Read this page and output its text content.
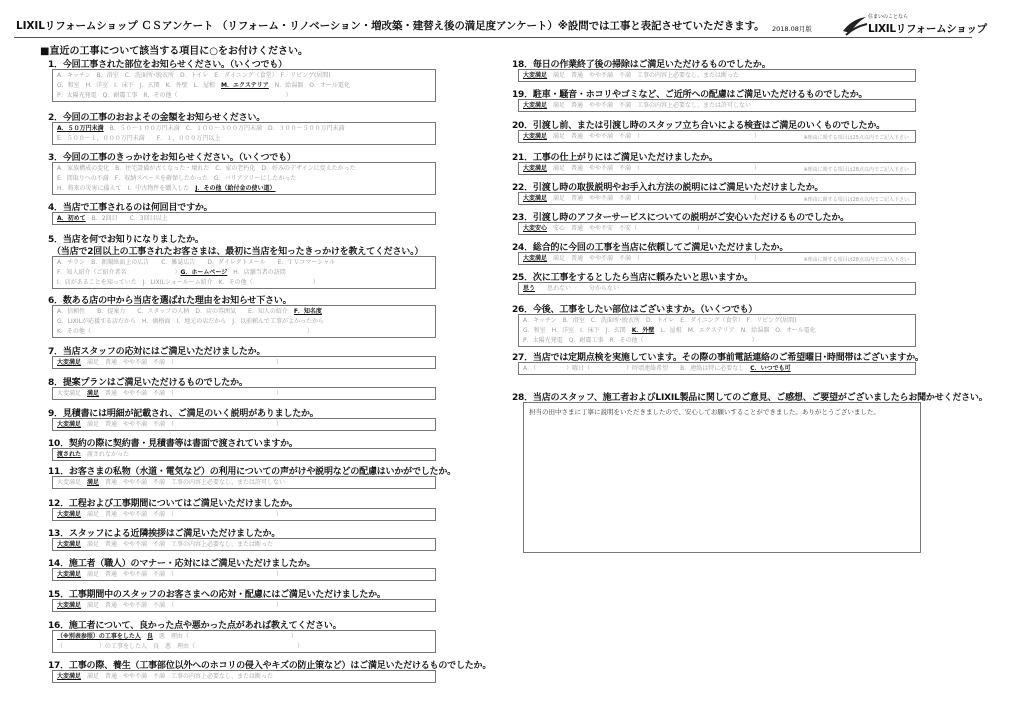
LIXILリフォームショップ ＣＳアンケート （リフォーム・リノベーション・増改築・建替え後の満足度アンケート）※設問では工事と表記させていただきます。 2018.08月版
住まいのことなら
LIXILリフォームショップ
■直近の工事について該当する項目に○をお付けください。
1．今回工事された部位をお知らせください。（いくつでも）
A．キッチン　B．浴室　C．洗面所･脱衣所　D．トイレ　E．ダイニング（食堂）　F．リビング(居間)
G．和室　H．洋室　I．床下　J．玄関　K．外壁　L．屋根　M．エクステリア　N．給湯器　O．オール電化
P．太陽光発電　Q．耐震工事　R．その他（　　　　　　　　　　　　　　　　　　）
2．今回の工事のおおよその金額をお知らせください。
A．５０万円未満　B．５０～１００万円未満　C．１００～３００万円未満　D．３００～５００万円未満
E．５００～１，０００万円未満　　F．１，０００万円以上
3．今回の工事のきっかけをお知らせください。（いくつでも）
A．家族構成の変化　B．住宅設備が古くなった・壊れた　C．家の老朽化　D．好みのデザインに変えたかった
E．間取りへの不満　F．収納スペースを確保したかった　G．バリアフリーにしたかった
H．将来の災害に備えて　I．中古物件を購入した　J．その他（給付金の使い道）
4．当店で工事されるのは何回目ですか。
A．初めて　B．2回目　　C．3回目以上
5．当店を何でお知りになりましたか。
（当店で2回以上の工事されたお客さまは、最初に当店を知ったきっかけを教えてください。）
A．チラシ　B．新聞紙面上の広告　　C．雑誌広告　　D．ダイレクトメール　　E．ＴＶコマーシャル
F．知人紹介（ご紹介者名　　　　　　　　）G．ホームページ　H．店舗当者の訪問
I．店があることを知っていた　J．LIXILショールーム紹介　K．その他（　　　　　　　　　　）
6．数ある店の中から当店を選ばれた理由をお知らせ下さい。
A．信頼性　　B．提案力　　C．スタッフの人柄　D．店の雰囲気　　E．知人の紹介　F．知名度
G．LIXILが応援する店だから　H．価格面　I．地元の店だから　J．以前頼んで工事がよかったから
K．その他（　　　　　　　　　　　　　　　　　　　　　　　　　　　　　　　　　　　　）
7．当店スタッフの応対にはご満足いただけましたか。
大変満足　満足　普通　やや不満　不満　（　　　　　　　　　　　　　　　　　）
8．提案プランはご満足いただけるものでしたか。
大変満足　満足　普通　やや不満　不満　（　　　　　　　　　　　　　　　　　）
9．見積書には明細が記載され、ご満足のいく説明がありましたか。
大変満足　満足　普通　やや不満　不満　（　　　　　　　　　　　　　　　　　）
10．契約の際に契約書・見積書等は書面で渡されていますか。
渡された　渡されなかった
11．お客さまの私物（水道・電気など）の利用についての声がけや説明などの配慮はいかがでしたか。
大変満足　満足　普通　やや不満　不満　工事の内容上必要なし、または許可しない
12．工程および工事期間についてはご満足いただけましたか。
大変満足　満足　普通　やや不満　不満　（　　　　　　　　　　　　　　　　　）
13．スタッフによる近隣挨拶はご満足いただけましたか。
大変満足　満足　普通　やや不満　不満　工事の内容上必要なし、または断った
14．施工者（職人）のマナー・応対にはご満足いただけましたか。
大変満足　満足　普通　やや不満　不満　（　　　　　　　　　　　　　　　　　）
15．工事期間中のスタッフのお客さまへの応対・配慮にはご満足いただけましたか。
大変満足　満足　普通　やや不満　不満　（　　　　　　　　　　　　　　　　　）
16．施工者について、良かった点や悪かった点があれば教えてください。
（※別表参照）の工事をした人　 良　悪　理由（　　　　　　　　　　　　　　　　　）
（　　　　　　）の工事をした人　良　悪　理由（　　　　　　　　　　　　　　　　　）
17．工事の際、養生（工事部位以外へのホコリの侵入やキズの防止策など）はご満足いただけるものでしたか。
大変満足　満足　普通　やや不満　不満　工事の内容上必要なし、または断った
18．毎日の作業終了後の掃除はご満足いただけるものでしたか。
大変満足　満足　普通　やや不満　不満　工事の内容上必要なし、または断った
19．駐車・騒音・ホコリやゴミなど、ご近所への配慮はご満足いただけるものでしたか。
大変満足　満足　普通　やや不満　不満　工事の内容上必要なし、または許可しない
20．引渡し前、または引渡し時のスタッフ立ち合いによる検査はご満足のいくものでしたか。
大変満足　満足　普通　やや不満　不満　（　　　　　　　　　　　　　　　　　　　）	※理由に関する項目は25点以内でご記入下さい
21．工事の仕上がりにはご満足いただけましたか。
大変満足　満足　普通　やや不満　不満　（　　　　　　　　　　　　　　　　　　　）	※理由に関する項目は28点以内でご記入下さい
22．引渡し時の取扱説明やお手入れ方法の説明にはご満足いただけましたか。
大変満足　満足　普通　やや不満　不満　（　　　　　　　　　　　　　　　　　　　）	※理由に関する項目は28点以内でご記入下さい
23．引渡し時のアフターサービスについての説明がご安心いただけるものでしたか。
大変安心　安心　普通　やや不安　不安（　　　　　　　　　　）
24．総合的に今回の工事を当店に依頼してご満足いただけましたか。
大変満足　満足　普通　やや不満　不満　（　　　　　　　　　　　　　　　　　　　）	※理由に関する項目は28点以内でご記入下さい
25．次に工事をするとしたら当店に頼みたいと思いますか。
思う　　思わない　　　分からない
26．今後、工事をしたい部位はございますか。（いくつでも）
A．キッチン　B．浴室　C．洗面所･脱衣所　D．トイレ　E．ダイニング（食堂）　F．リビング(居間)
G．和室　H．洋室　I．床下　J．玄関　K．外壁　L．屋根　M．エクステリア　N．給湯器　O．オール電化
P．太陽光発電　Q．耐震工事　R．その他（　　　　　　　　　　　　　　　　　　）
27．当店では定期点検を実施しています。その際の事前電話連絡のご希望曜日･時間帯はございますか。
A．（　　　　　）曜日（　　　　　　）時頃連絡希望　　B．連絡は特に必要なし　C．いつでも可
28．当店のスタッフ、施工者およびLIXIL製品に関してのご意見、ご感想、ご要望がございましたらお聞かせください。
担当の田中さまに丁寧に説明をいただきましたので、安心してお願いすることができました。ありがとうございました。
